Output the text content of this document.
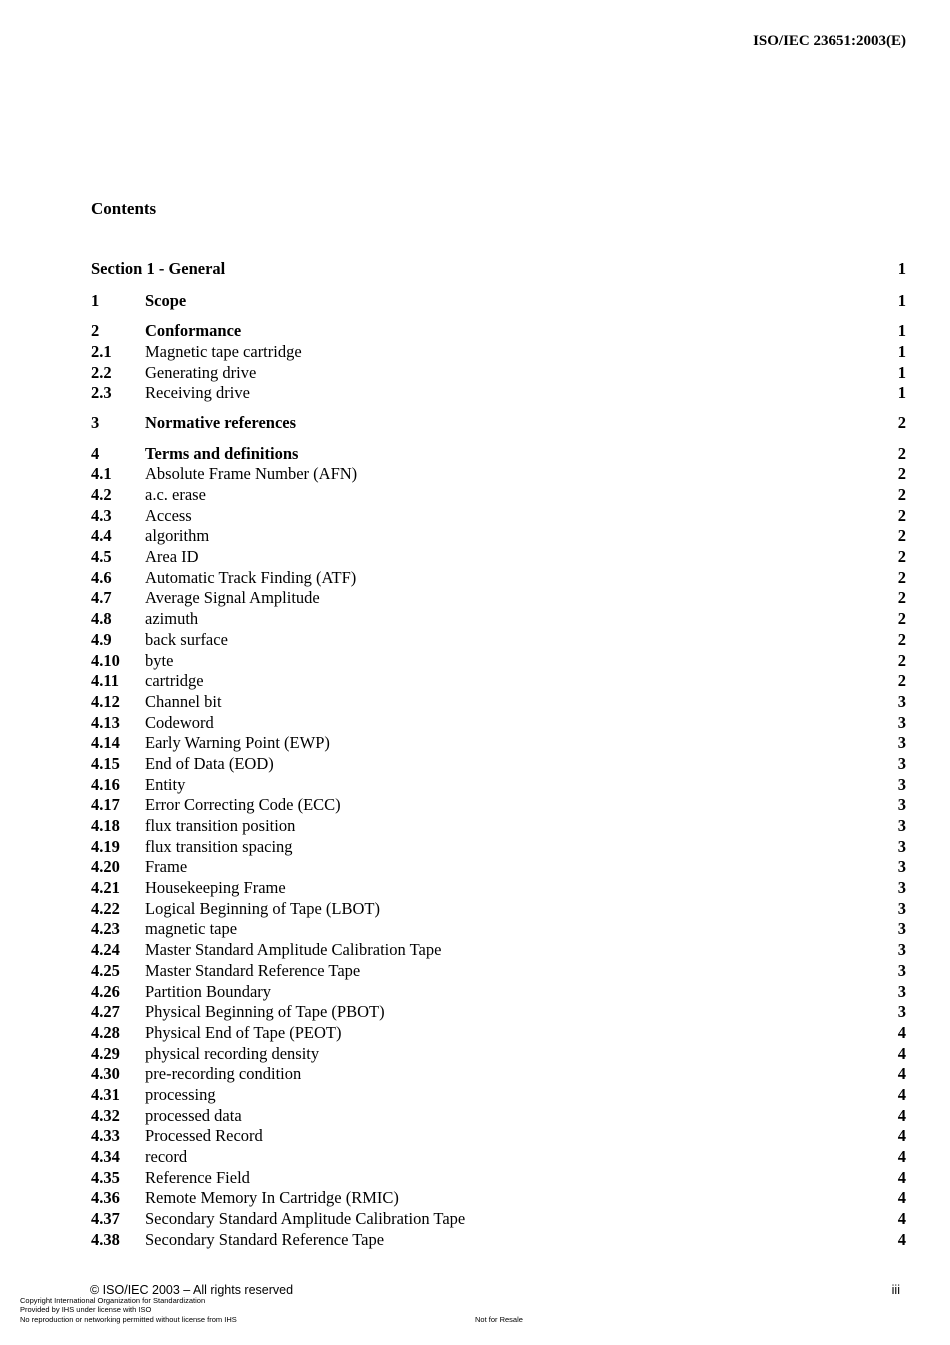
ISO/IEC 23651:2003(E)
Contents
Section 1 - General	1
1	Scope	1
2	Conformance	1
2.1	Magnetic tape cartridge	1
2.2	Generating drive	1
2.3	Receiving drive	1
3	Normative references	2
4	Terms and definitions	2
4.1	Absolute Frame Number (AFN)	2
4.2	a.c. erase	2
4.3	Access	2
4.4	algorithm	2
4.5	Area ID	2
4.6	Automatic Track Finding (ATF)	2
4.7	Average Signal Amplitude	2
4.8	azimuth	2
4.9	back surface	2
4.10	byte	2
4.11	cartridge	2
4.12	Channel bit	3
4.13	Codeword	3
4.14	Early Warning Point (EWP)	3
4.15	End of Data (EOD)	3
4.16	Entity	3
4.17	Error Correcting Code (ECC)	3
4.18	flux transition position	3
4.19	flux transition spacing	3
4.20	Frame	3
4.21	Housekeeping Frame	3
4.22	Logical Beginning of Tape (LBOT)	3
4.23	magnetic tape	3
4.24	Master Standard Amplitude Calibration Tape	3
4.25	Master Standard Reference Tape	3
4.26	Partition Boundary	3
4.27	Physical Beginning of Tape (PBOT)	3
4.28	Physical End of Tape (PEOT)	4
4.29	physical recording density	4
4.30	pre-recording condition	4
4.31	processing	4
4.32	processed data	4
4.33	Processed Record	4
4.34	record	4
4.35	Reference Field	4
4.36	Remote Memory In Cartridge (RMIC)	4
4.37	Secondary Standard Amplitude Calibration Tape	4
4.38	Secondary Standard Reference Tape	4
© ISO/IEC 2003 – All rights reserved	iii
Copyright International Organization for Standardization
Provided by IHS under license with ISO
No reproduction or networking permitted without license from IHS	Not for Resale
